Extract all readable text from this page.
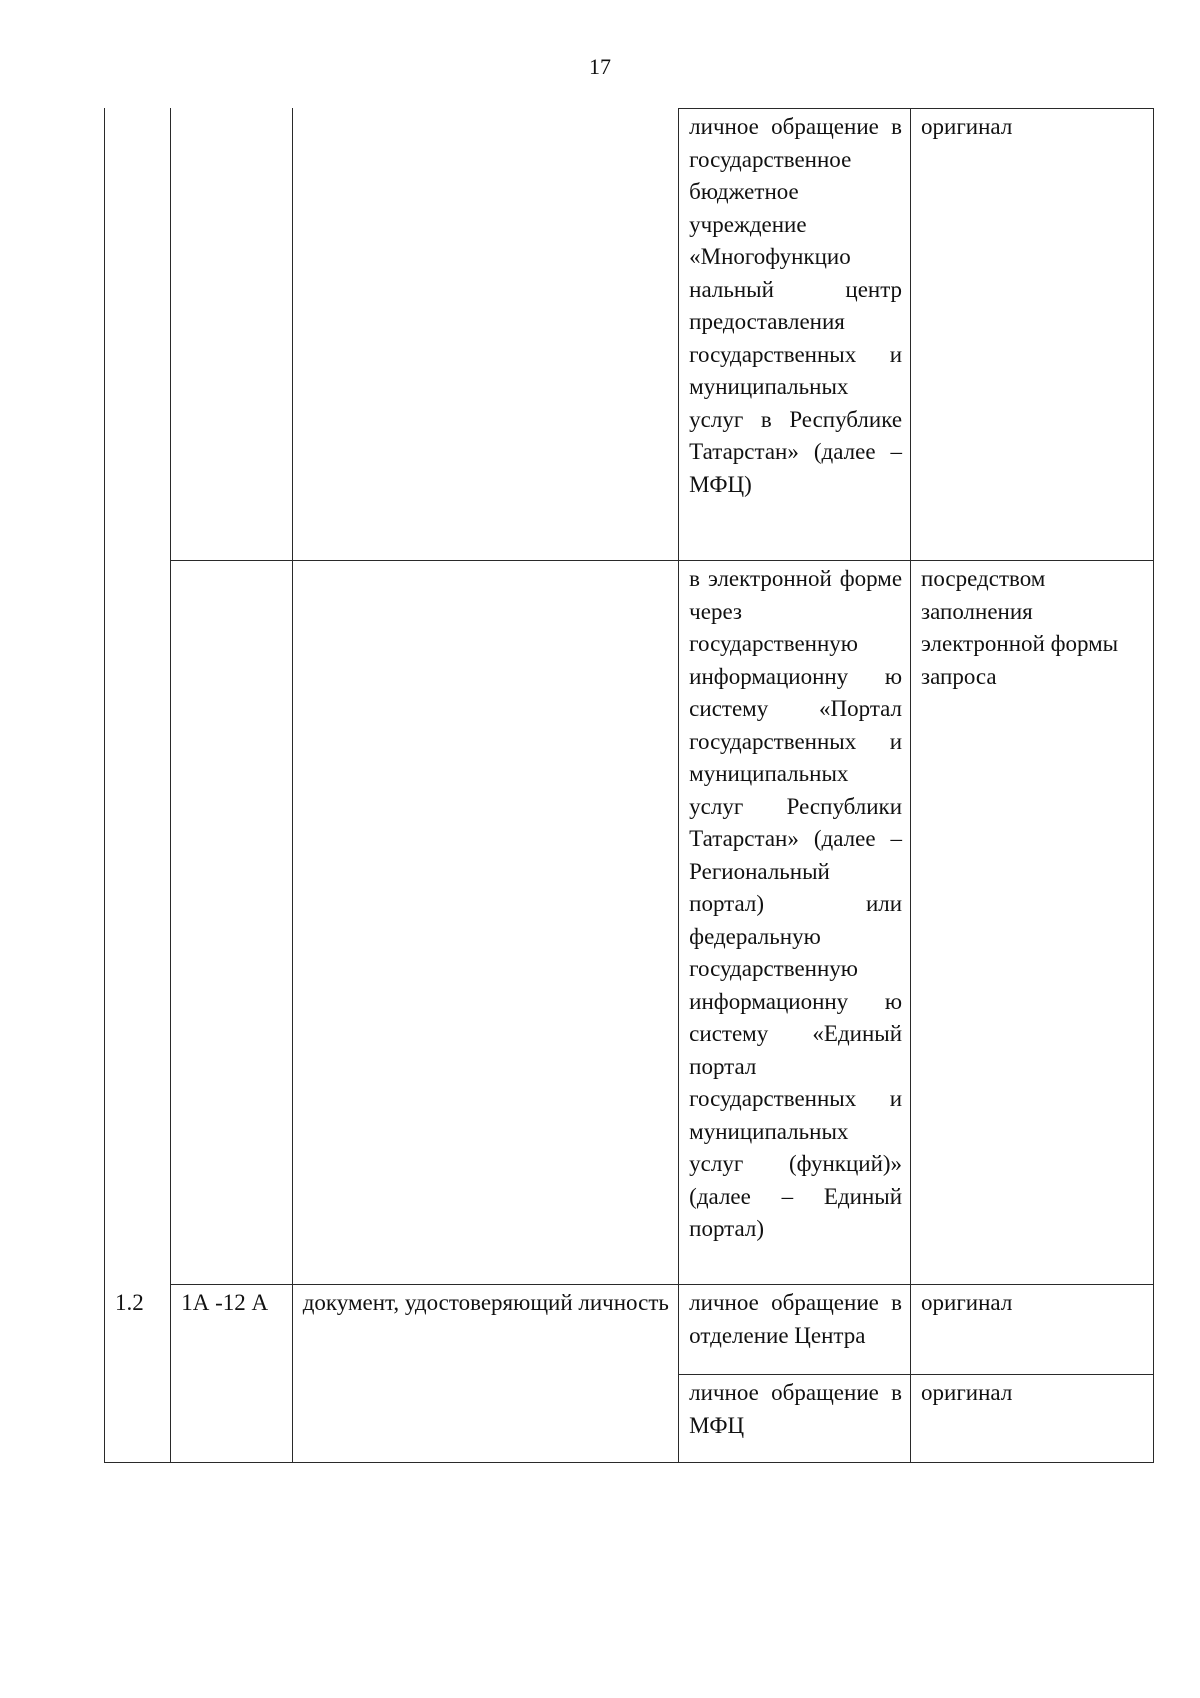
17
			личное обращение в государственное бюджетное учреждение «Многофункцио нальный центр предоставления государственных и муниципальных услуг в Республике Татарстан» (далее – МФЦ)	оригинал
			в электронной форме через государственную информационну ю систему «Портал государственных и муниципальных услуг Республики Татарстан» (далее – Региональный портал) или федеральную государственную информационну ю систему «Единый портал государственных и муниципальных услуг (функций)» (далее – Единый портал)	посредством заполнения электронной формы запроса
1.2	1А -12 А	документ, удостоверяющий личность	личное обращение в отделение Центра	оригинал
			личное обращение в МФЦ	оригинал
